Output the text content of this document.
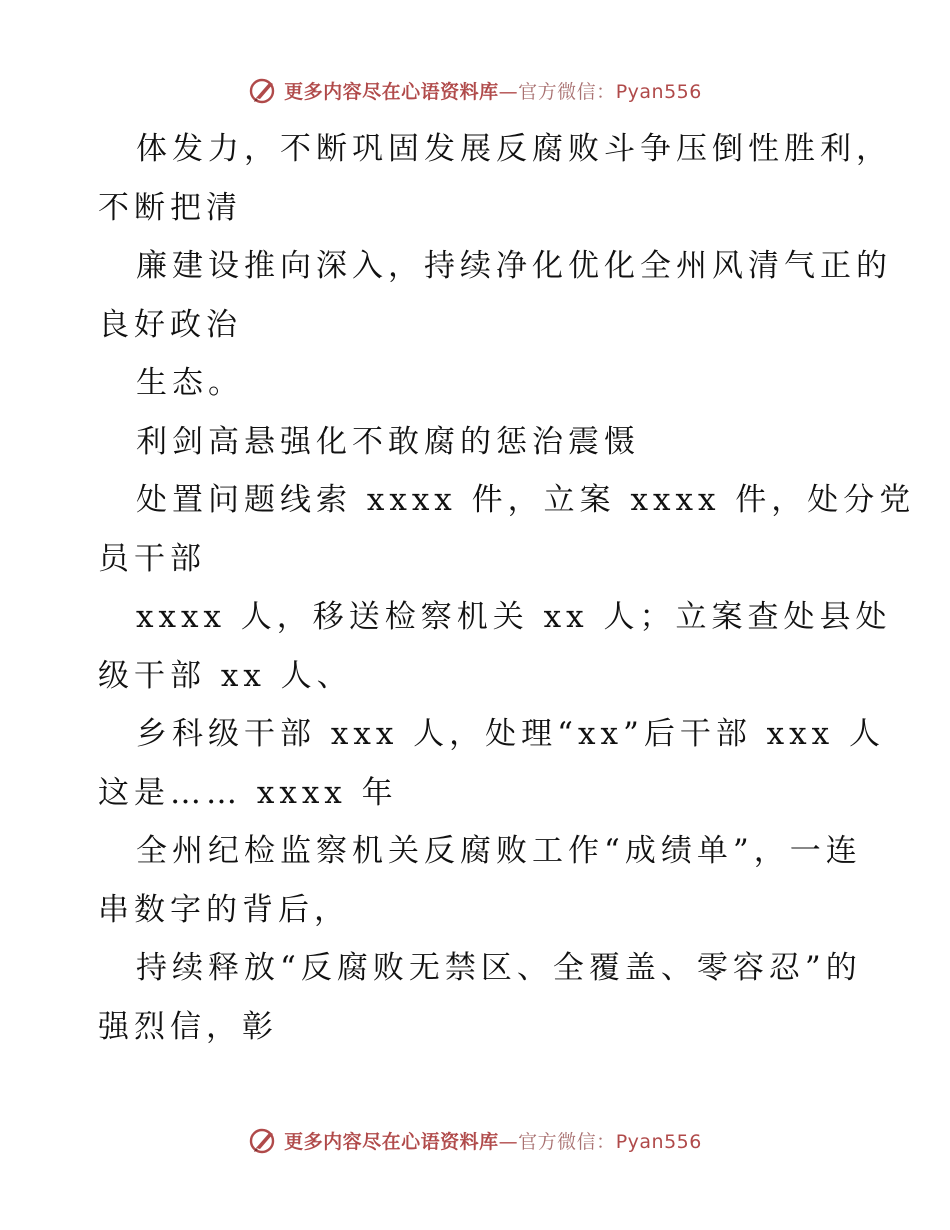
更多内容尽在心语资料库—官方微信：Pyan556
体发力，不断巩固发展反腐败斗争压倒性胜利，
不断把清
廉建设推向深入，持续净化优化全州风清气正的
良好政治
生态。
利剑高悬强化不敢腐的惩治震慑
处置问题线索 xxxx 件，立案 xxxx 件，处分党
员干部
xxxx 人，移送检察机关 xx 人；立案查处县处
级干部 xx 人、
乡科级干部 xxx 人，处理“xx”后干部 xxx 人
这是…… xxxx 年
全州纪检监察机关反腐败工作“成绩单”，一连
串数字的背后，
持续释放“反腐败无禁区、全覆盖、零容忍”的
强烈信，彰
更多内容尽在心语资料库—官方微信：Pyan556
